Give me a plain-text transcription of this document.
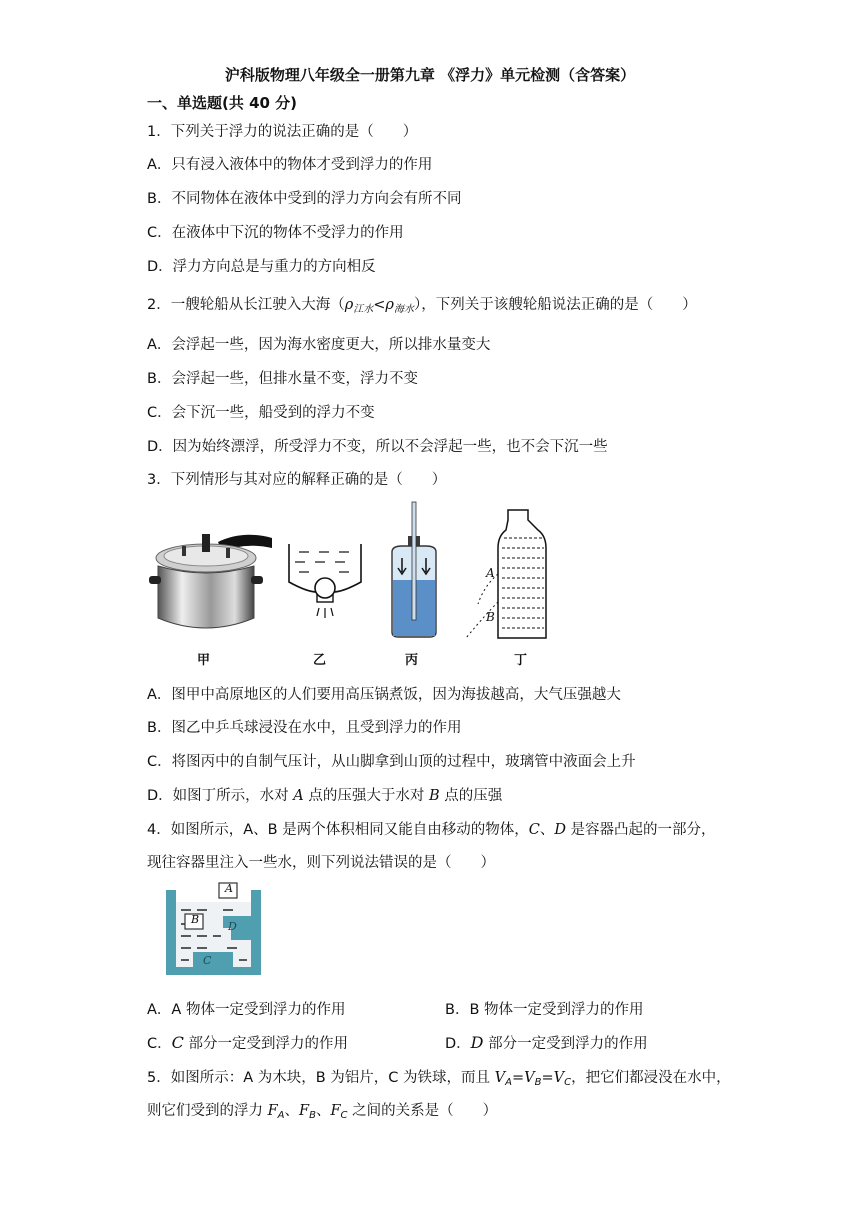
沪科版物理八年级全一册第九章 《浮力》单元检测（含答案）
一、单选题(共 40 分)
1．下列关于浮力的说法正确的是（　　）
A．只有浸入液体中的物体才受到浮力的作用
B．不同物体在液体中受到的浮力方向会有所不同
C．在液体中下沉的物体不受浮力的作用
D．浮力方向总是与重力的方向相反
2．一艘轮船从长江驶入大海$(\rho_{江水}<\rho_{海水})$，下列关于该艘轮船说法正确的是（　　）
A．会浮起一些，因为海水密度更大，所以排水量变大
B．会浮起一些，但排水量不变，浮力不变
C．会下沉一些，船受到的浮力不变
D．因为始终漂浮，所受浮力不变，所以不会浮起一些，也不会下沉一些
3．下列情形与其对应的解释正确的是（　　）
甲	乙	丙
A
B
丁
A．图甲中高原地区的人们要用高压锅煮饭，因为海拔越高，大气压强越大
B．图乙中乒乓球浸没在水中，且受到浮力的作用
C．将图丙中的自制气压计，从山脚拿到山顶的过程中，玻璃管中液面会上升
D．如图丁所示，水对 A 点的压强大于水对 B 点的压强
4．如图所示，A、B 是两个体积相同又能自由移动的物体，C、D 是容器凸起的一部分，
现往容器里注入一些水，则下列说法错误的是（　　）
A
B
D
C
A．A 物体一定受到浮力的作用	B．B 物体一定受到浮力的作用
C．C 部分一定受到浮力的作用	D．D 部分一定受到浮力的作用
5．如图所示：A 为木块，B 为铝片，C 为铁球，而且 $V_A=V_B=V_C$，把它们都浸没在水中，
则它们受到的浮力 $F_A$、$F_B$、$F_C$ 之间的关系是（　　）
